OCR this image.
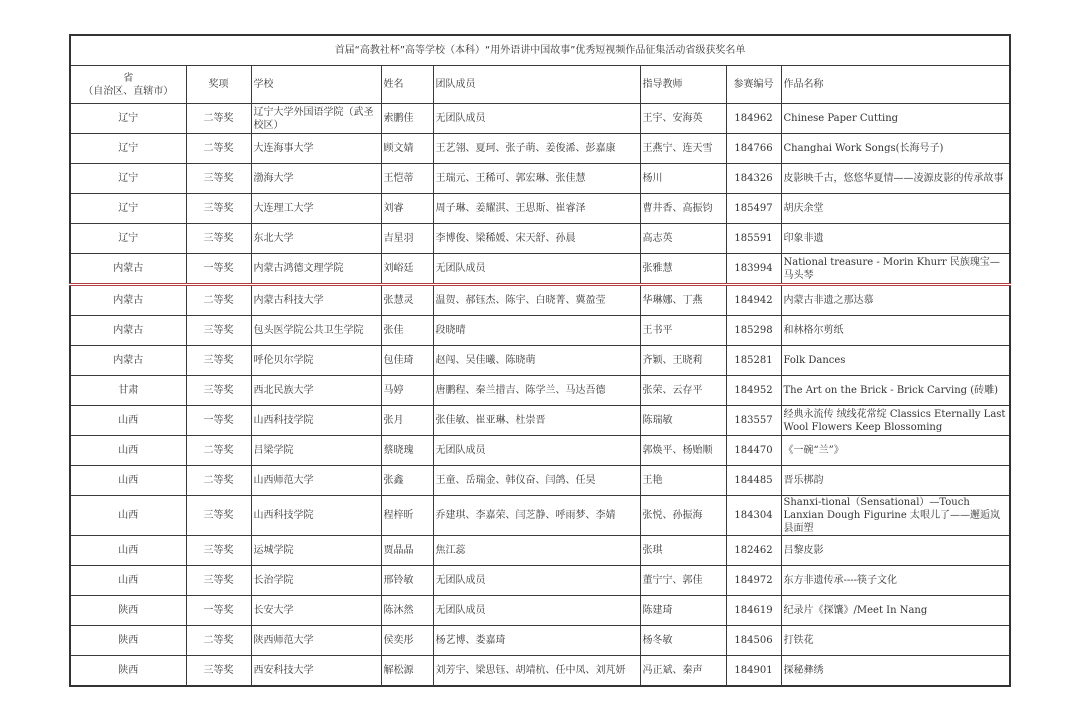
首届“高教社杯”高等学校（本科）“用外语讲中国故事”优秀短视频作品征集活动省级获奖名单							

省
（自治区、直辖市）	奖项	学校	姓名	团队成员	指导教师	参赛编号	作品名称
辽宁	二等奖	辽宁大学外国语学院（武圣校区）	索鹏佳	无团队成员	王宇、安海英	184962	Chinese Paper Cutting
辽宁	二等奖	大连海事大学	顾文婧	王艺翎、夏珂、张子萌、姜俊浠、彭嘉康	王燕宁、连天雪	184766	Changhai Work Songs(长海号子)
辽宁	三等奖	渤海大学	王恺蒂	王瑞元、王稀可、郭宏琳、张佳慧	杨川	184326	皮影映千古，悠悠华夏情——凌源皮影的传承故事
辽宁	三等奖	大连理工大学	刘睿	周子琳、姜耀淇、王思斯、崔睿泽	曹井香、高振钧	185497	胡庆余堂
辽宁	三等奖	东北大学	吉星羽	李博俊、梁稀媛、宋天舒、孙晨	高志英	185591	印象非遗
内蒙古	一等奖	内蒙古鸿德文理学院	刘峪廷	无团队成员	张雅慧	183994	National treasure - Morin Khurr 民族瑰宝—马头琴
内蒙古	二等奖	内蒙古科技大学	张慧灵	温贺、郝钰杰、陈宇、白晓菁、冀盈莹	华琳娜、丁燕	184942	内蒙古非遗之那达慕
内蒙古	三等奖	包头医学院公共卫生学院	张佳	段晓晴	王书平	185298	和林格尔剪纸
内蒙古	三等奖	呼伦贝尔学院	包佳琦	赵闯、吴佳曦、陈晓萌	齐颖、王晓莉	185281	Folk Dances
甘肃	三等奖	西北民族大学	马婷	唐鹏程、秦兰措吉、陈学兰、马达吾德	张荣、云存平	184952	The Art on the Brick - Brick Carving (砖雕)
山西	一等奖	山西科技学院	张月	张佳敏、崔亚琳、杜崇晋	陈瑞敏	183557	经典永流传 绒线花常绽 Classics Eternally Last Wool Flowers Keep Blossoming
山西	二等奖	吕梁学院	蔡晓瑰	无团队成员	郭焕平、杨贻顺	184470	《一碗“兰”》
山西	二等奖	山西师范大学	张鑫	王童、岳瑞金、韩仪奋、闫鸽、任昊	王艳	184485	晋乐梆韵
山西	三等奖	山西科技学院	程梓昕	乔建琪、李嘉荣、闫芝静、呼雨梦、李婧	张悦、孙振海	184304	Shanxi-tional（Sensational）—Touch Lanxian Dough Figurine 太哏儿了——邂逅岚县面塑
山西	三等奖	运城学院	贾晶晶	焦江蕊	张琪	182462	吕黎皮影
山西	三等奖	长治学院	邢铃敏	无团队成员	董宁宁、郭佳	184972	东方非遗传承----筷子文化
陕西	一等奖	长安大学	陈沐然	无团队成员	陈建琦	184619	纪录片《探馕》/Meet In Nang
陕西	二等奖	陕西师范大学	侯奕彤	杨艺博、娄嘉琦	杨冬敏	184506	打铁花
陕西	三等奖	西安科技大学	解松源	刘芳宇、梁思钰、胡靖杭、任中凤、刘芃妍	冯正斌、秦声	184901	探秘彝绣
